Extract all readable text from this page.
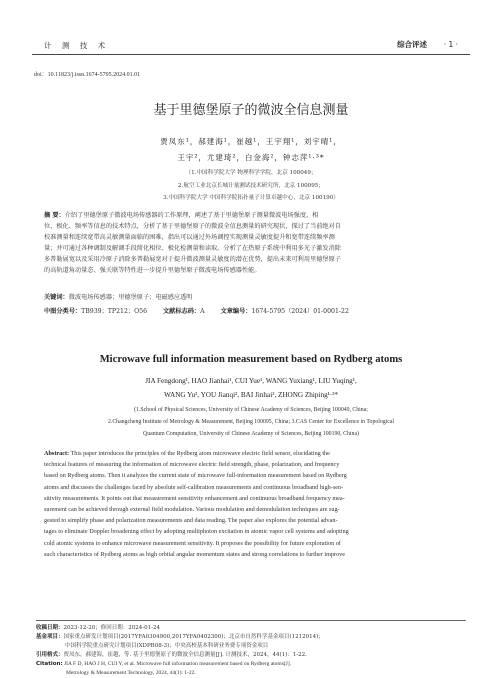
计 测 技 术	综合评述 · 1 ·
doi：10.11823/j.issn.1674-5795.2024.01.01
基于里德堡原子的微波全信息测量
贾凤东¹，郝建海¹，崔越¹，王宇翔¹，刘宇晴¹，
王宇²，尤建琦²，白金海²，钟志萍¹·³*
（1.中国科学院大学 物理科学学院，北京 100049；
2.航空工业北京长城计量测试技术研究所，北京 100095；
3.中国科学院大学 中国科学院拓扑量子计算卓越中心，北京 100190）
摘 要：介绍了里德堡原子微波电场传感器的工作原理，阐述了基于里德堡原子测量微波电场强度、相
位、极化、频率等信息的技术特点，分析了基于里德堡原子的微波全信息测量的研究现状，探讨了当前绝对自
校准测量和连续宽带高灵敏测量面临的困难，指出可以通过外场调控实现测量灵敏度提升和宽带连续频率测
量；并可通过各种调制及解调手段简化相位、极化检测量和读取。分析了在热原子系统中利用多光子激发消除
多普勒展宽以及采用冷原子消除多普勒展宽对于提升微波测量灵敏度的潜在优势，提出未来可利用里德堡原子
的高轨道角动量态、强关联等特性进一步提升里德堡原子微波电场传感器性能。
关键词：微波电场传感器；里德堡原子；电磁感应透明
中图分类号：TB939；TP212；O56	文献标志码：A	文章编号：1674-5795（2024）01-0001-22
Microwave full information measurement based on Rydberg atoms
JIA Fengdong¹, HAO Jianhai¹, CUI Yue¹, WANG Yuxiang¹, LIU Yuqing¹,
WANG Yu², YOU Jianqi², BAI Jinhai², ZHONG Zhiping¹·³*
(1.School of Physical Sciences, University of Chinese Academy of Sciences, Beijing 100049, China;
2.Changcheng Institute of Metrology & Measurement, Beijing 100095, China; 3.CAS Center for Excellence in Topological
Quantum Computation, University of Chinese Academy of Sciences, Beijing 100190, China)
Abstract: This paper introduces the principles of the Rydberg atom microwave electric field sensor, elucidating the
technical features of measuring the information of microwave electric field strength, phase, polarization, and frequency
based on Rydberg atoms. Then it analyzes the current state of microwave full-information measurement based on Rydberg
atoms and discusses the challenges faced by absolute self-calibration measurements and continuous broadband high-sen-
sitivity measurements. It points out that measurement sensitivity enhancement and continuous broadband frequency mea-
surement can be achieved through external field modulation. Various modulation and demodulation techniques are sug-
gested to simplify phase and polarization measurements and data reading. The paper also explores the potential advan-
tages to eliminate Doppler broadening effect by adopting multiphoton excitation in atomic vapor cell systems and adopting
cold atomic systems to enhance microwave measurement sensitivity. It proposes the possibility for future exploration of
such characteristics of Rydberg atoms as high orbital angular momentum states and strong correlations to further improve
收稿日期：2023-12-20；修回日期：2024-01-24
基金项目：国家重点研发计划项目(2017YFA0304900,2017YFA0402300)；北京市自然科学基金项目(1212014)；
中国科学院重点研究计划项目(XDPB08-3)；中央高校基本科研业务费专项资金项目
引用格式：贾凤东，郝建海，崔越，等. 基于里德堡原子的微波全信息测量[J]. 计测技术，2024，44(1)：1-22.
Citation: JIA F D, HAO J H, CUI Y, et al. Microwave full information measurement based on Rydberg atoms[J].
Metrology & Measurement Technology, 2024, 44(1): 1-22.
